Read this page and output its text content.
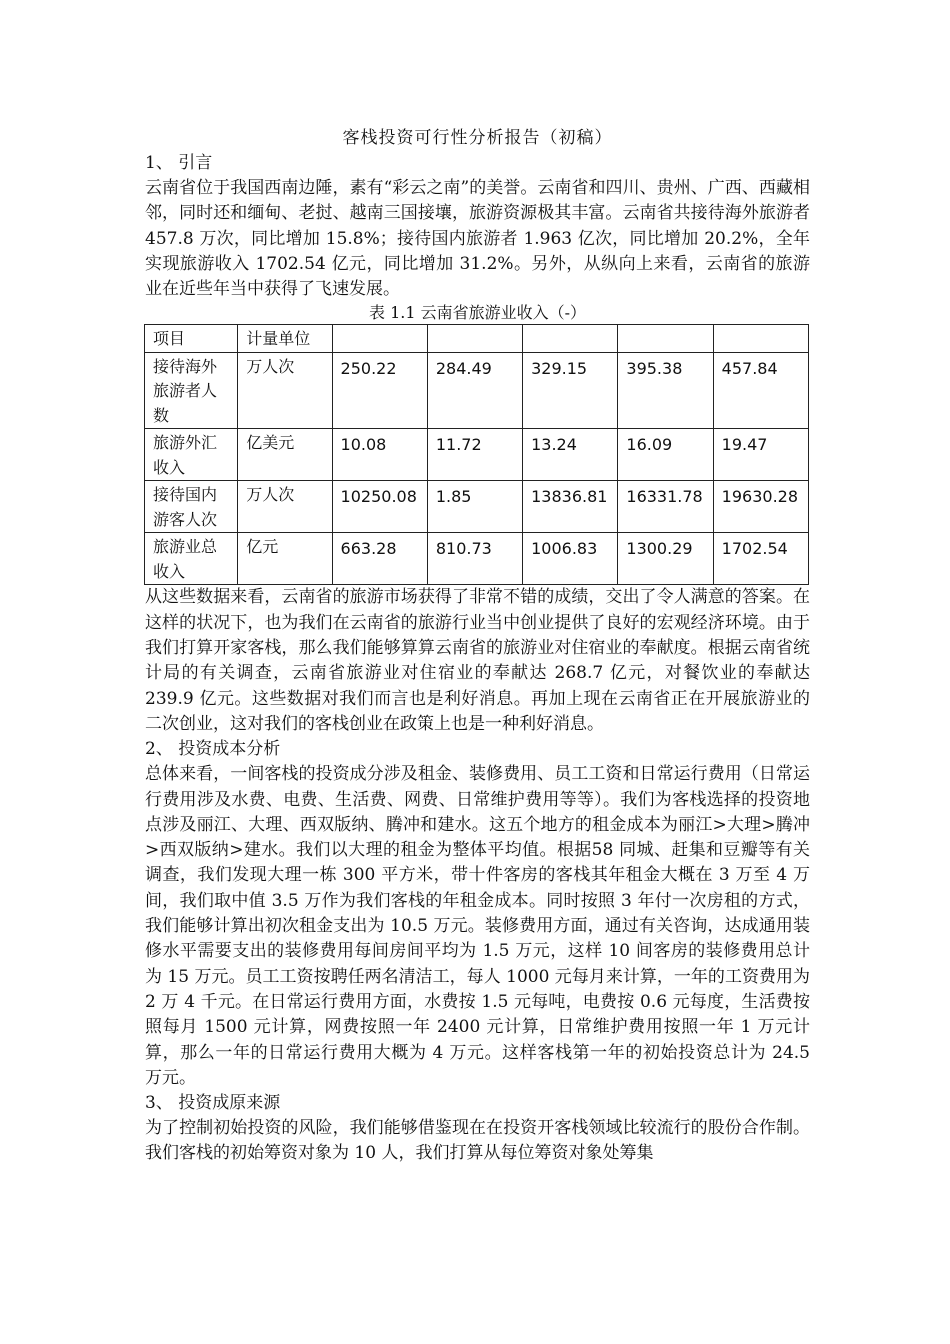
客栈投资可行性分析报告（初稿）

1、 引言

云南省位于我国西南边陲，素有“彩云之南”的美誉。云南省和四川、贵州、广西、西藏相邻，同时还和缅甸、老挝、越南三国接壤，旅游资源极其丰富。云南省共接待海外旅游者 457.8 万次，同比增加 15.8%；接待国内旅游者 1.963 亿次，同比增加 20.2%，全年实现旅游收入 1702.54 亿元，同比增加 31.2%。另外，从纵向上来看，云南省的旅游业在近些年当中获得了飞速发展。

表 1.1 云南省旅游业收入（-）

项目	计量单位					
接待海外旅游者人数	万人次	250.22	284.49	329.15	395.38	457.84
旅游外汇收入	亿美元	10.08	11.72	13.24	16.09	19.47
接待国内游客人次	万人次	10250.08	1.85	13836.81	16331.78	19630.28
旅游业总收入	亿元	663.28	810.73	1006.83	1300.29	1702.54

从这些数据来看，云南省的旅游市场获得了非常不错的成绩，交出了令人满意的答案。在这样的状况下，也为我们在云南省的旅游行业当中创业提供了良好的宏观经济环境。由于我们打算开家客栈，那么我们能够算算云南省的旅游业对住宿业的奉献度。根据云南省统计局的有关调查，云南省旅游业对住宿业的奉献达 268.7 亿元，对餐饮业的奉献达 239.9 亿元。这些数据对我们而言也是利好消息。再加上现在云南省正在开展旅游业的二次创业，这对我们的客栈创业在政策上也是一种利好消息。

2、 投资成本分析

总体来看，一间客栈的投资成分涉及租金、装修费用、员工工资和日常运行费用（日常运行费用涉及水费、电费、生活费、网费、日常维护费用等等）。我们为客栈选择的投资地点涉及丽江、大理、西双版纳、腾冲和建水。这五个地方的租金成本为丽江>大理>腾冲>西双版纳>建水。我们以大理的租金为整体平均值。根据58 同城、赶集和豆瓣等有关调查，我们发现大理一栋 300 平方米，带十件客房的客栈其年租金大概在 3 万至 4 万间，我们取中值 3.5 万作为我们客栈的年租金成本。同时按照 3 年付一次房租的方式，我们能够计算出初次租金支出为 10.5 万元。装修费用方面，通过有关咨询，达成通用装修水平需要支出的装修费用每间房间平均为 1.5 万元，这样 10 间客房的装修费用总计为 15 万元。员工工资按聘任两名清洁工，每人 1000 元每月来计算，一年的工资费用为 2 万 4 千元。在日常运行费用方面，水费按 1.5 元每吨，电费按 0.6 元每度，生活费按照每月 1500 元计算，网费按照一年 2400 元计算，日常维护费用按照一年 1 万元计算，那么一年的日常运行费用大概为 4 万元。这样客栈第一年的初始投资总计为 24.5 万元。

3、 投资成原来源

为了控制初始投资的风险，我们能够借鉴现在在投资开客栈领域比较流行的股份合作制。我们客栈的初始筹资对象为 10 人，我们打算从每位筹资对象处筹集
